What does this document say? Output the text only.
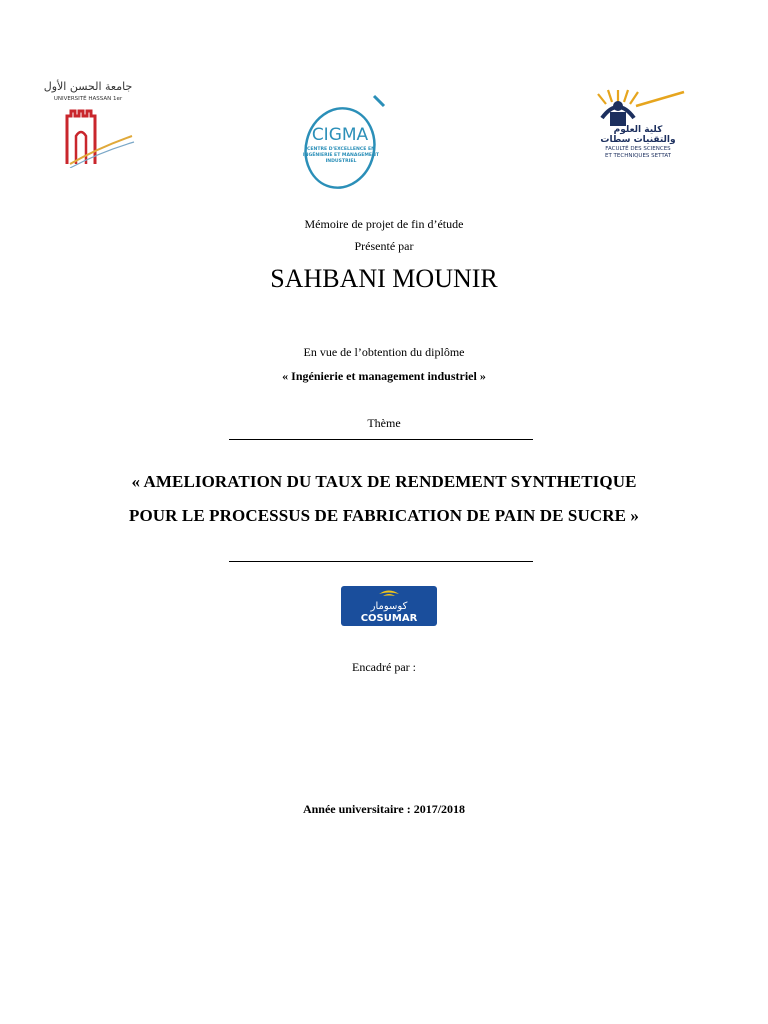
جامعة الحسن الأول
UNIVERSITÉ HASSAN 1er
CIGMA
CENTRE D'EXCELLENCE EN
INGÉNIERIE ET MANAGEMENT
INDUSTRIEL
كلية العلوم
والتقنيات سطات
FACULTÉ DES SCIENCES
ET TECHNIQUES SETTAT
Mémoire de projet de fin d’étude
Présenté par
SAHBANI MOUNIR
En vue de l’obtention du diplôme
« Ingénierie et management industriel »
Thème
« AMELIORATION DU TAUX DE RENDEMENT SYNTHETIQUE
POUR LE PROCESSUS DE FABRICATION DE PAIN DE SUCRE »
كوسومار
COSUMAR
Encadré par :
Année universitaire : 2017/2018
